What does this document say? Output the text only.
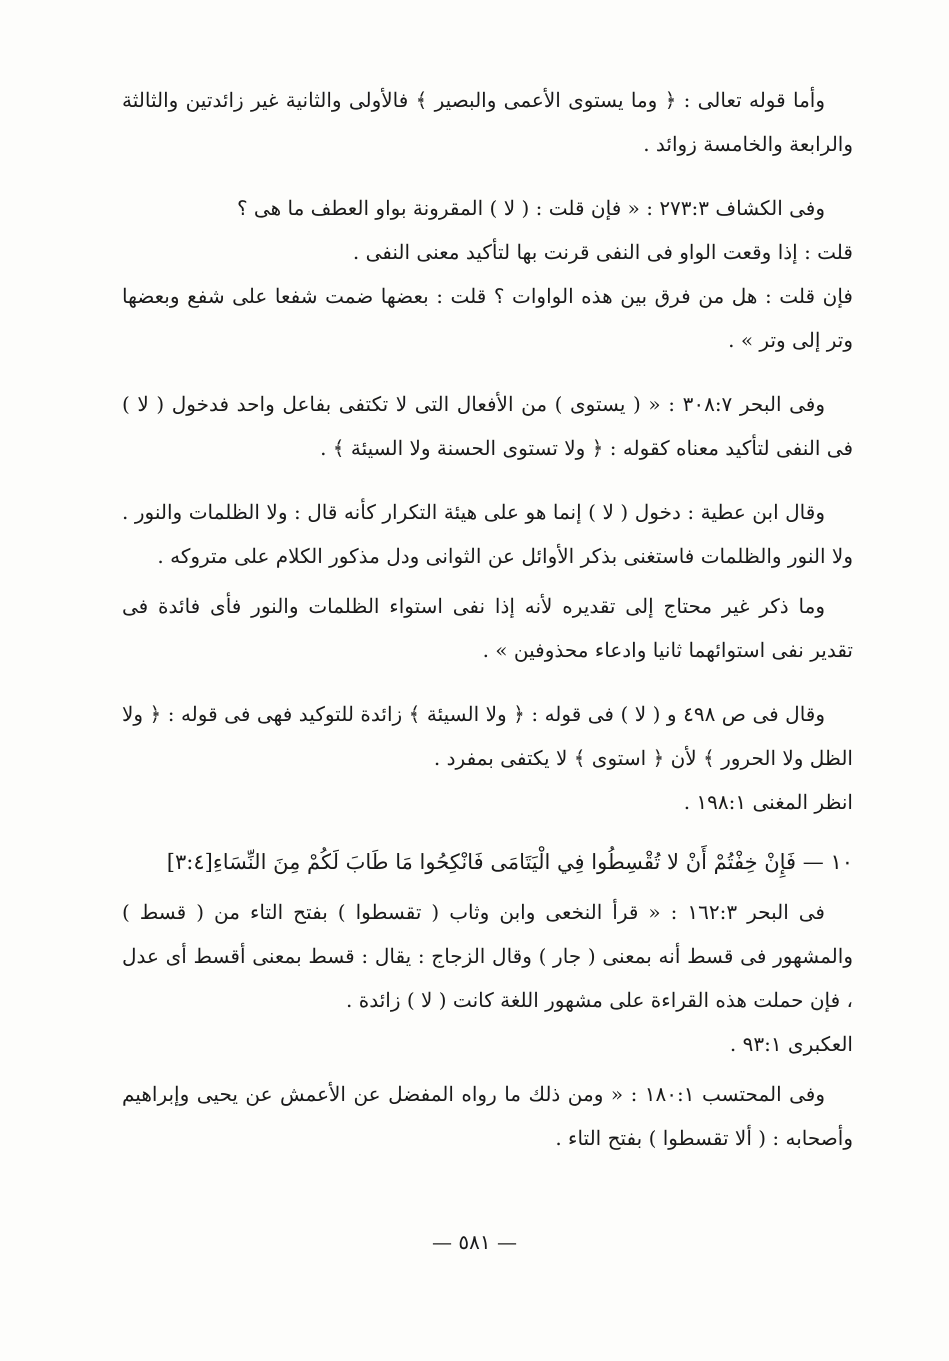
وأما قوله تعالى : ﴿ وما يستوى الأعمى والبصير ﴾ فالأولى والثانية غير زائدتين والثالثة والرابعة والخامسة زوائد .

وفى الكشاف ٢٧٣:٣ : « فإن قلت : ( لا ) المقرونة بواو العطف ما هى ؟

قلت : إذا وقعت الواو فى النفى قرنت بها لتأكيد معنى النفى .

فإن قلت : هل من فرق بين هذه الواوات ؟ قلت : بعضها ضمت شفعا على شفع وبعضها وتر إلى وتر » .

وفى البحر ٣٠٨:٧ : « ( يستوى ) من الأفعال التى لا تكتفى بفاعل واحد فدخول ( لا ) فى النفى لتأكيد معناه كقوله : ﴿ ولا تستوى الحسنة ولا السيئة ﴾ .

وقال ابن عطية : دخول ( لا ) إنما هو على هيئة التكرار كأنه قال : ولا الظلمات والنور . ولا النور والظلمات فاستغنى بذكر الأوائل عن الثوانى ودل مذكور الكلام على متروكه .

وما ذكر غير محتاج إلى تقديره لأنه إذا نفى استواء الظلمات والنور فأى فائدة فى تقدير نفى استوائهما ثانيا وادعاء محذوفين » .

وقال فى ص ٤٩٨ و ( لا ) فى قوله : ﴿ ولا السيئة ﴾ زائدة للتوكيد فهى فى قوله : ﴿ ولا الظل ولا الحرور ﴾ لأن ﴿ استوى ﴾ لا يكتفى بمفرد .

انظر المغنى ١٩٨:١ .

١٠ — فَإِنْ خِفْتُمْ أَنْ لا تُقْسِطُوا فِي الْيَتَامَى فَانْكِحُوا مَا طَابَ لَكُمْ مِنَ النِّسَاءِ[٣:٤]

فى البحر ١٦٢:٣ : « قرأ النخعى وابن وثاب ( تقسطوا ) بفتح التاء من ( قسط ) والمشهور فى قسط أنه بمعنى ( جار ) وقال الزجاج : يقال : قسط بمعنى أقسط أى عدل ، فإن حملت هذه القراءة على مشهور اللغة كانت ( لا ) زائدة .

العكبرى ٩٣:١ .

وفى المحتسب ١٨٠:١ : « ومن ذلك ما رواه المفضل عن الأعمش عن يحيى وإبراهيم وأصحابه : ( ألا تقسطوا ) بفتح التاء .

— ٥٨١ —
